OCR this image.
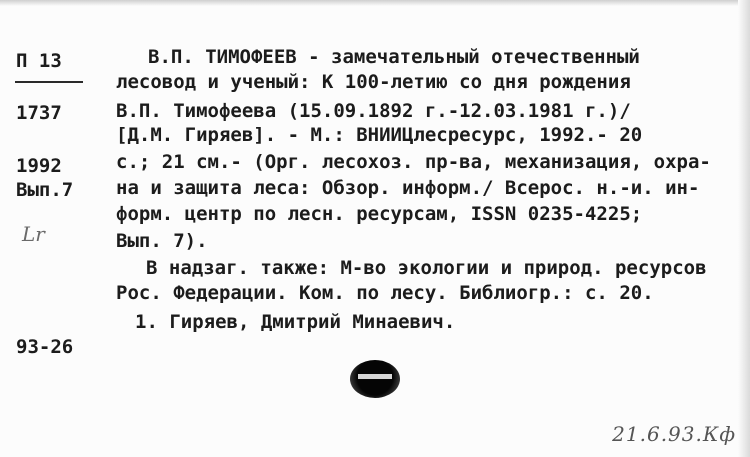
П 13
1737
1992
Вып.7
Lr
93-26
В.П. ТИМОФЕЕВ - замечательный отечественный
лесовод и ученый: К 100-летию со дня рождения
В.П. Тимофеева (15.09.1892 г.-12.03.1981 г.)/
[Д.М. Гиряев]. - М.: ВНИИЦлесресурс, 1992.- 20
с.; 21 см.- (Орг. лесохоз. пр-ва, механизация, охра-
на и защита леса: Обзор. информ./ Всерос. н.-и. ин-
форм. центр по лесн. ресурсам, ISSN 0235-4225;
Вып. 7).
В надзаг. также: М-во экологии и природ. ресурсов
Рос. Федерации. Ком. по лесу. Библиогр.: с. 20.
1. Гиряев, Дмитрий Минаевич.
21.6.93.Кф
